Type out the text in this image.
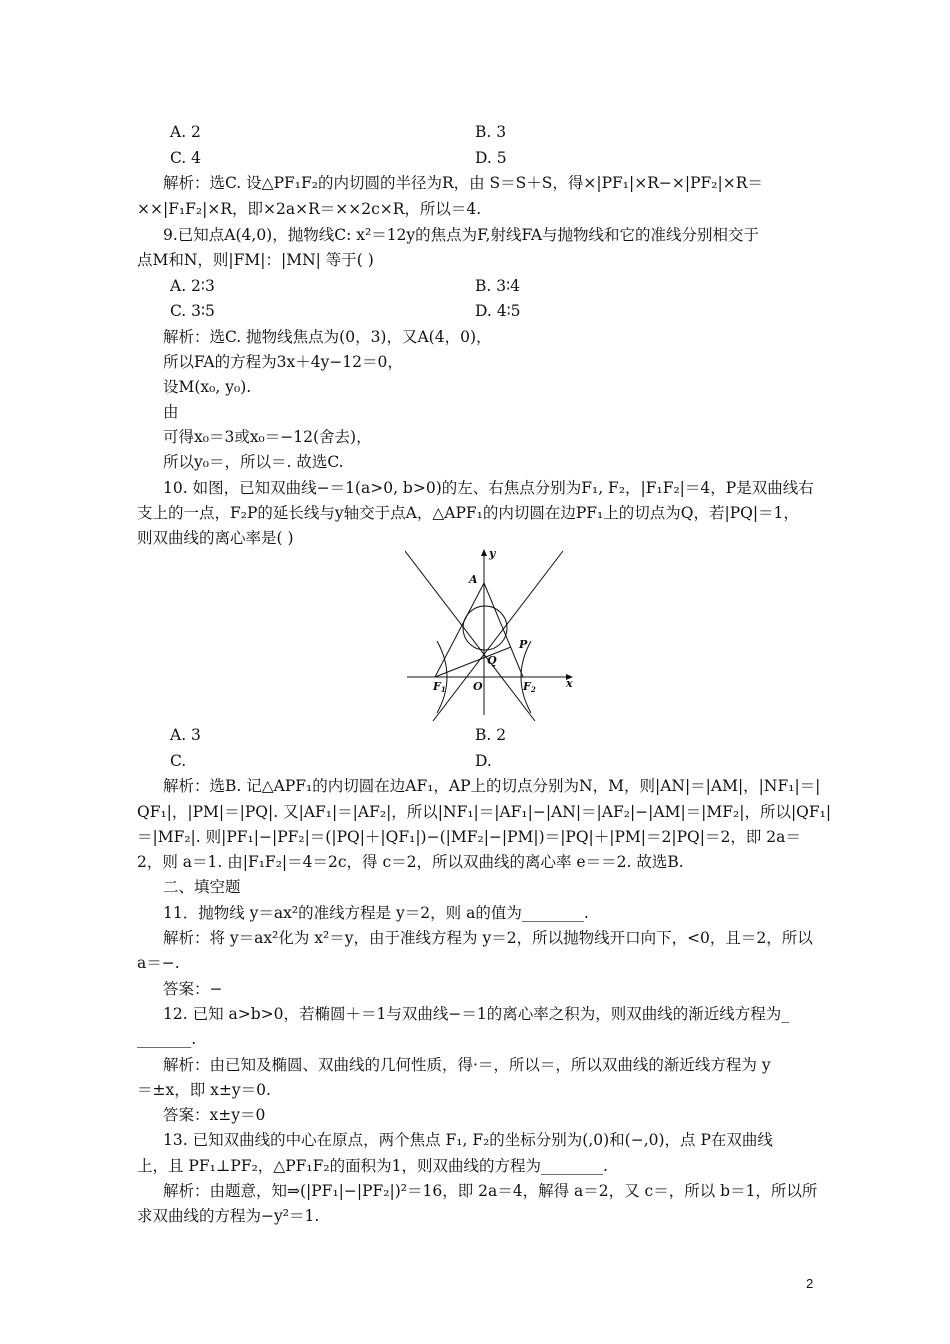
A. 2	B. 3
C. 4	D. 5
解析：选C. 设△PF₁F₂的内切圆的半径为R，由 S＝S＋S，得×|PF₁|×R−×|PF₂|×R＝
××|F₁F₂|×R，即×2a×R＝××2c×R，所以＝4.
9.已知点A(4,0)，抛物线C: x²＝12y的焦点为F,射线FA与抛物线和它的准线分别相交于
点M和N，则|FM|：|MN| 等于( )
A. 2∶3	B. 3∶4
C. 3∶5	D. 4∶5
解析：选C. 抛物线焦点为(0，3)，又A(4，0)，
所以FA的方程为3x＋4y−12＝0，
设M(x₀, y₀).
由
可得x₀＝3或x₀＝−12(舍去)，
所以y₀＝，所以＝. 故选C.
10. 如图，已知双曲线−＝1(a>0, b>0)的左、右焦点分别为F₁, F₂，|F₁F₂|＝4，P是双曲线右
支上的一点，F₂P的延长线与y轴交于点A，△APF₁的内切圆在边PF₁上的切点为Q，若|PQ|＝1，
则双曲线的离心率是( )
y
A
P
Q
F1 O	F2	x
A. 3	B. 2
C.	D.
解析：选B. 记△APF₁的内切圆在边AF₁，AP上的切点分别为N，M，则|AN|＝|AM|，|NF₁|＝|
QF₁|，|PM|＝|PQ|. 又|AF₁|＝|AF₂|，所以|NF₁|＝|AF₁|−|AN|＝|AF₂|−|AM|＝|MF₂|，所以|QF₁|
＝|MF₂|. 则|PF₁|−|PF₂|＝(|PQ|＋|QF₁|)−(|MF₂|−|PM|)＝|PQ|＋|PM|＝2|PQ|＝2，即 2a＝
2，则 a＝1. 由|F₁F₂|＝4＝2c，得 c＝2，所以双曲线的离心率 e＝＝2. 故选B.
二、填空题
11．抛物线 y＝ax²的准线方程是 y＝2，则 a的值为________.
解析：将 y＝ax²化为 x²＝y，由于准线方程为 y＝2，所以抛物线开口向下，<0，且＝2，所以
a＝−.
答案：−
12. 已知 a>b>0，若椭圆＋＝1与双曲线−＝1的离心率之积为，则双曲线的渐近线方程为_
_______.
解析：由已知及椭圆、双曲线的几何性质，得·＝，所以＝，所以双曲线的渐近线方程为 y
＝±x，即 x±y＝0.
答案：x±y＝0
13. 已知双曲线的中心在原点，两个焦点 F₁, F₂的坐标分别为(,0)和(−,0)，点 P在双曲线
上，且 PF₁⊥PF₂，△PF₁F₂的面积为1，则双曲线的方程为________.
解析：由题意，知⇒(|PF₁|−|PF₂|)²＝16，即 2a＝4，解得 a＝2，又 c＝，所以 b＝1，所以所
求双曲线的方程为−y²＝1.
2
